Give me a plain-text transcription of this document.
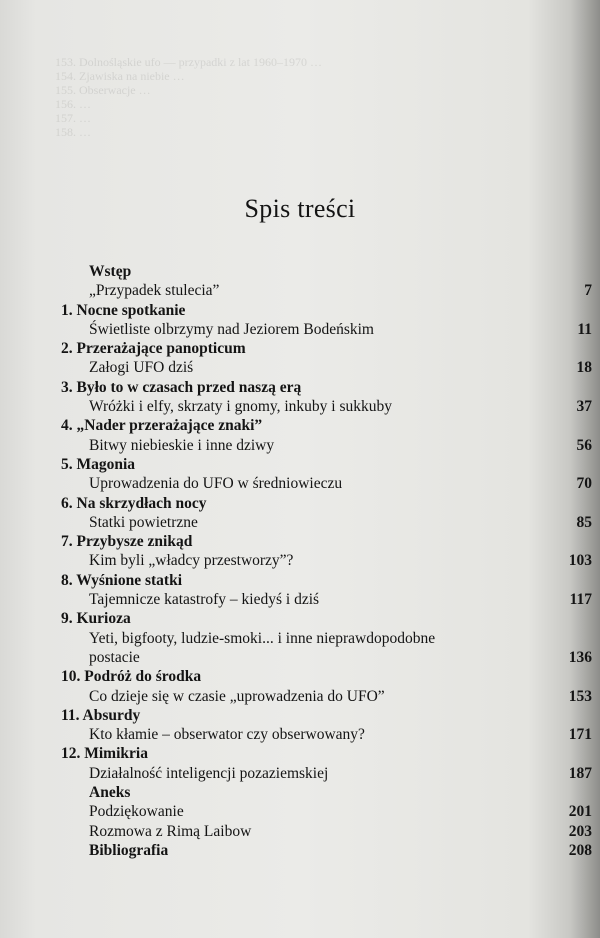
153. Dolnośląskie ufo — przypadki z lat 1960–1970 …
154. Zjawiska na niebie …
155. Obserwacje …
156. …
157. …
158. …
Spis treści
Wstęp
„Przypadek stulecia”	7
1. Nocne spotkanie
Świetliste olbrzymy nad Jeziorem Bodeńskim	11
2. Przerażające panopticum
Załogi UFO dziś	18
3. Było to w czasach przed naszą erą
Wróżki i elfy, skrzaty i gnomy, inkuby i sukkuby	37
4. „Nader przerażające znaki”
Bitwy niebieskie i inne dziwy	56
5. Magonia
Uprowadzenia do UFO w średniowieczu	70
6. Na skrzydłach nocy
Statki powietrzne	85
7. Przybysze znikąd
Kim byli „władcy przestworzy”?	103
8. Wyśnione statki
Tajemnicze katastrofy – kiedyś i dziś	117
9. Kurioza
Yeti, bigfooty, ludzie-smoki... i inne nieprawdopodobne
postacie	136
10. Podróż do środka
Co dzieje się w czasie „uprowadzenia do UFO”	153
11. Absurdy
Kto kłamie – obserwator czy obserwowany?	171
12. Mimikria
Działalność inteligencji pozaziemskiej	187
Aneks
Podziękowanie	201
Rozmowa z Rimą Laibow	203
Bibliografia	208
